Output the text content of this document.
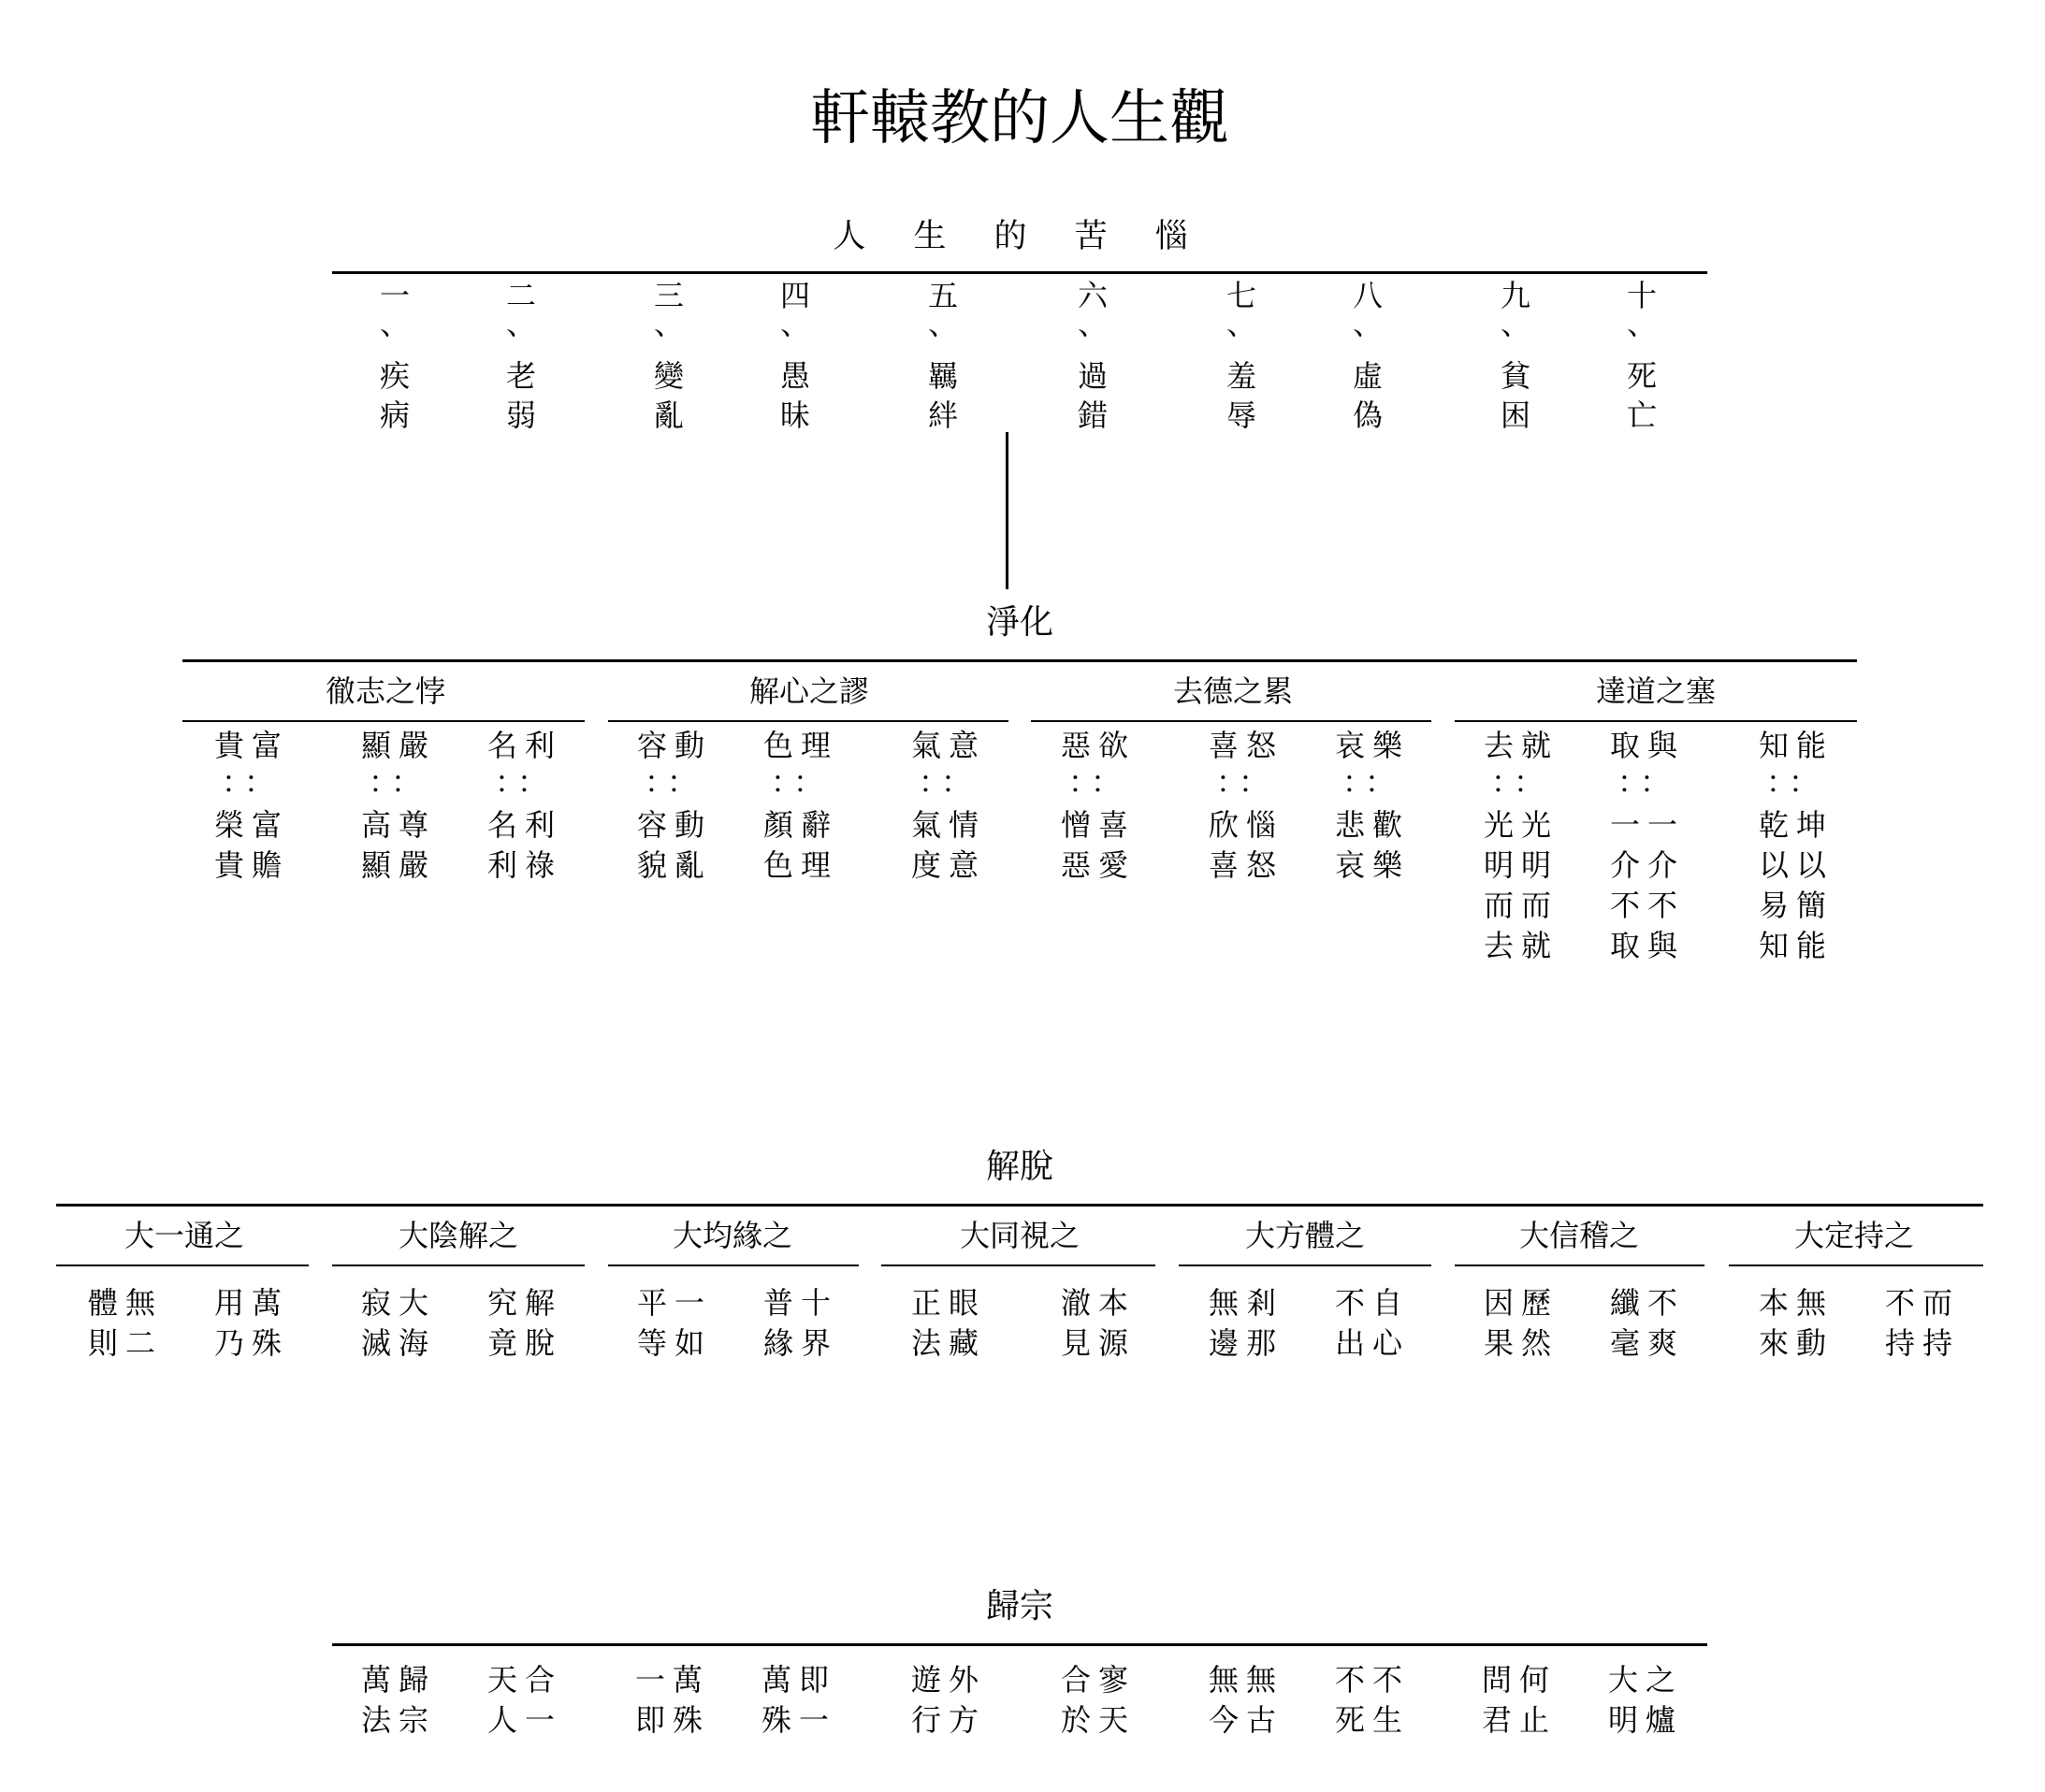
軒轅教的人生觀
人 生 的 苦 惱
淨化
解脫
歸宗
一
、
疾
病
二
、
老
弱
三
、
變
亂
四
、
愚
昧
五
、
羈
絆
六
、
過
錯
七
、
羞
辱
八
、
虛
偽
九
、
貧
困
十
、
死
亡
徹志之悖
貴富
：：
榮富
貴贍
顯嚴
：：
高尊
顯嚴
名利
：：
名利
利祿
解心之謬
容動
：：
容動
貌亂
色理
：：
顏辭
色理
氣意
：：
氣情
度意
去德之累
惡欲
：：
憎喜
惡愛
喜怒
：：
欣惱
喜怒
哀樂
：：
悲歡
哀樂
達道之塞
去就
：：
光光
明明
而而
去就
取與
：：
一一
介介
不不
取與
知能
：：
乾坤
以以
易簡
知能
大一通之
體無
則二
用萬
乃殊
大陰解之
寂大
滅海
究解
竟脫
大均緣之
平一
等如
普十
緣界
大同視之
正眼
法藏
澈本
見源
大方體之
無剎
邊那
不自
出心
大信稽之
因歷
果然
纖不
毫爽
大定持之
本無
來動
不而
持持
萬歸
法宗
天合
人一
一萬
即殊
萬即
殊一
遊外
行方
合寥
於天
無無
今古
不不
死生
問何
君止
大之
明爐
